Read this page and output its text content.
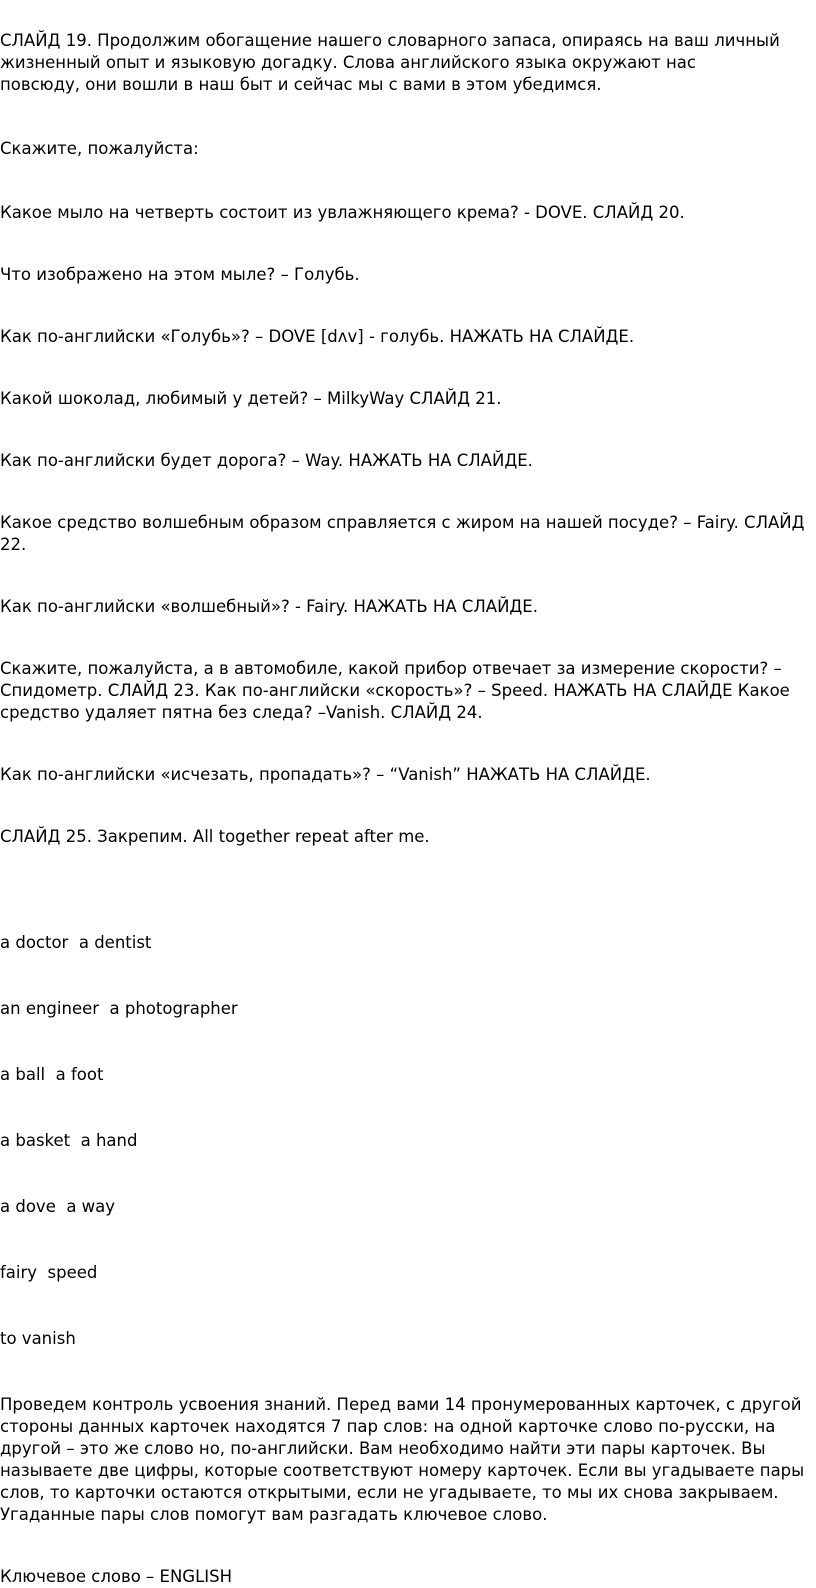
СЛАЙД 19. Продолжим обогащение нашего словарного запаса, опираясь на ваш личный жизненный опыт и языковую догадку. Слова английского языка окружают нас повсюду, они вошли в наш быт и сейчас мы с вами в этом убедимся.

Скажите, пожалуйста:

Какое мыло на четверть состоит из увлажняющего крема? - DOVE. СЛАЙД 20.

Что изображено на этом мыле? – Голубь.

Как по-английски «Голубь»? – DOVE [dʌv] - голубь. НАЖАТЬ НА СЛАЙДЕ.

Какой шоколад, любимый у детей? – MilkyWay СЛАЙД 21.

Как по-английски будет дорога? – Way. НАЖАТЬ НА СЛАЙДЕ.

Какое средство волшебным образом справляется с жиром на нашей посуде? – Fairy. СЛАЙД 22.

Как по-английски «волшебный»? - Fairy. НАЖАТЬ НА СЛАЙДЕ.

Скажите, пожалуйста, а в автомобиле, какой прибор отвечает за измерение скорости? – Спидометр. СЛАЙД 23. Как по-английски «скорость»? – Speed. НАЖАТЬ НА СЛАЙДЕ Какое средство удаляет пятна без следа? –Vanish. СЛАЙД 24.

Как по-английски «исчезать, пропадать»? – “Vanish” НАЖАТЬ НА СЛАЙДЕ.

СЛАЙД 25. Закрепим. All together repeat after me.

a doctor  a dentist

an engineer  a photographer

a ball  a foot

a basket  a hand

a dove  a way

fairy  speed

to vanish

Проведем контроль усвоения знаний. Перед вами 14 пронумерованных карточек, с другой стороны данных карточек находятся 7 пар слов: на одной карточке слово по-русски, на другой – это же слово но, по-английски. Вам необходимо найти эти пары карточек. Вы называете две цифры, которые соответствуют номеру карточек. Если вы угадываете пары слов, то карточки остаются открытыми, если не угадываете, то мы их снова закрываем. Угаданные пары слов помогут вам разгадать ключевое слово.

Ключевое слово – ENGLISH
